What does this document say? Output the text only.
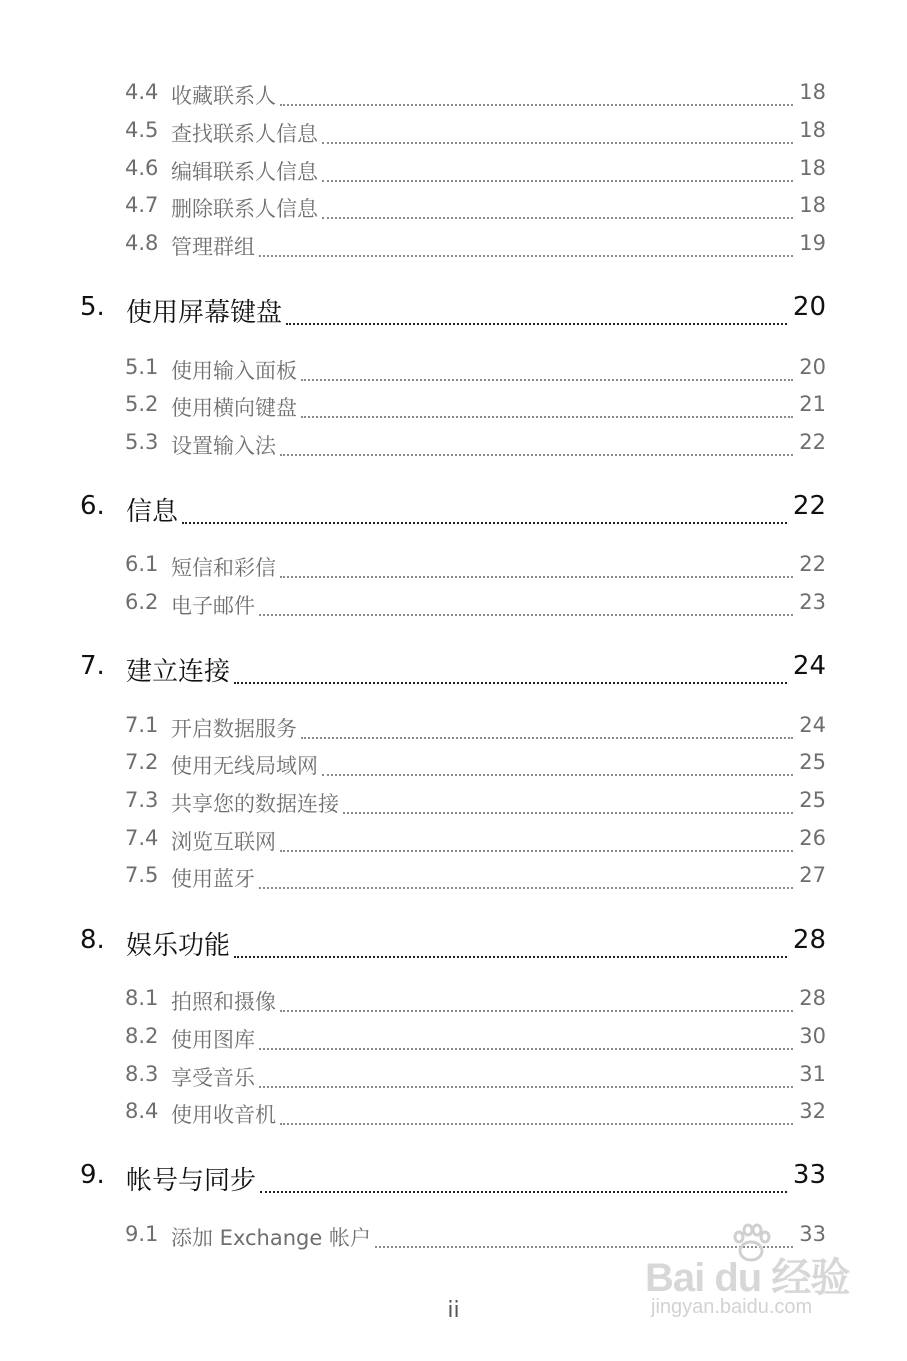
4.4 收藏联系人	18
4.5 查找联系人信息	18
4.6 编辑联系人信息	18
4.7 删除联系人信息	18
4.8 管理群组	19
5. 使用屏幕键盘	20
5.1 使用输入面板	20
5.2 使用横向键盘	21
5.3 设置输入法	22
6. 信息	22
6.1 短信和彩信	22
6.2 电子邮件	23
7. 建立连接	24
7.1 开启数据服务	24
7.2 使用无线局域网	25
7.3 共享您的数据连接	25
7.4 浏览互联网	26
7.5 使用蓝牙	27
8. 娱乐功能	28
8.1 拍照和摄像	28
8.2 使用图库	30
8.3 享受音乐	31
8.4 使用收音机	32
9. 帐号与同步	33
9.1 添加 Exchange 帐户	33
ii
Bai du 经验
jingyan.baidu.com
